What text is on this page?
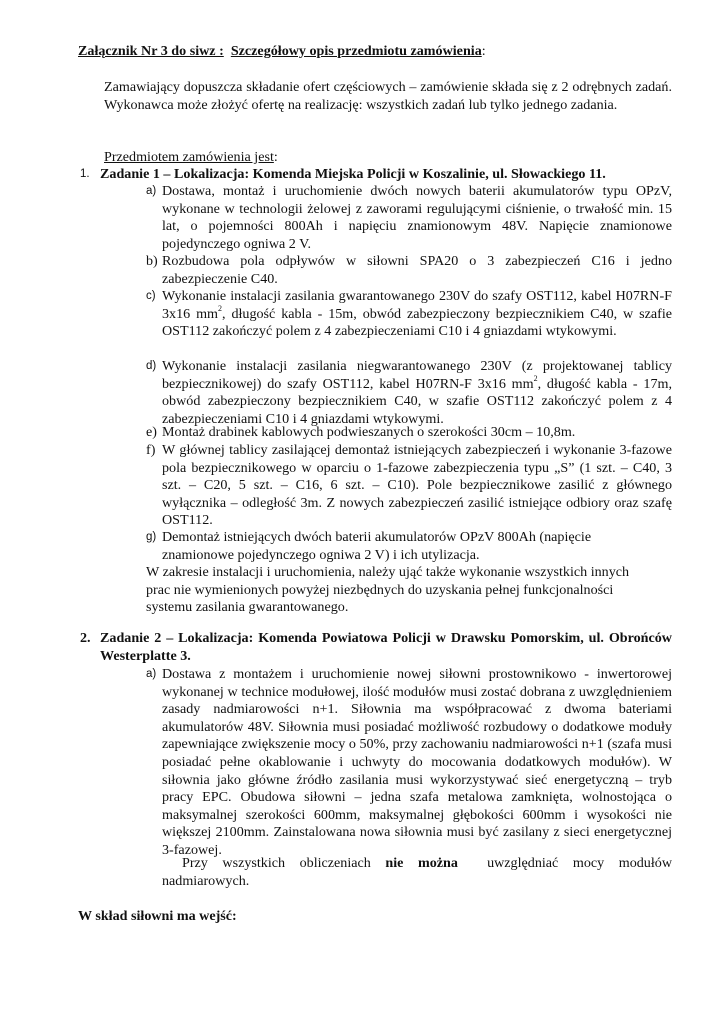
Załącznik Nr 3 do siwz : Szczegółowy opis przedmiotu zamówienia:

Zamawiający dopuszcza składanie ofert częściowych – zamówienie składa się z 2 odrębnych zadań. Wykonawca może złożyć ofertę na realizację: wszystkich zadań lub tylko jednego zadania.

Przedmiotem zamówienia jest:
1. Zadanie 1 – Lokalizacja: Komenda Miejska Policji w Koszalinie, ul. Słowackiego 11.
a) Dostawa, montaż i uruchomienie dwóch nowych baterii akumulatorów typu OPzV, wykonane w technologii żelowej z zaworami regulującymi ciśnienie, o trwałość min. 15 lat, o pojemności 800Ah i napięciu znamionowym 48V. Napięcie znamionowe pojedynczego ogniwa 2 V.

b) Rozbudowa pola odpływów w siłowni SPA20 o 3 zabezpieczeń C16 i jedno zabezpieczenie C40.

c) Wykonanie instalacji zasilania gwarantowanego 230V do szafy OST112, kabel H07RN-F 3x16 $mm^2$, długość kabla - 15m, obwód zabezpieczony bezpiecznikiem C40, w szafie OST112 zakończyć polem z 4 zabezpieczeniami C10 i 4 gniazdami wtykowymi.

d) Wykonanie instalacji zasilania niegwarantowanego 230V (z projektowanej tablicy bezpiecznikowej) do szafy OST112, kabel H07RN-F 3x16 $mm^2$, długość kabla - 17m, obwód zabezpieczony bezpiecznikiem C40, w szafie OST112 zakończyć polem z 4 zabezpieczeniami C10 i 4 gniazdami wtykowymi.

e) Montaż drabinek kablowych podwieszanych o szerokości 30cm – 10,8m.

f) W głównej tablicy zasilającej demontaż istniejących zabezpieczeń i wykonanie 3-fazowe pola bezpiecznikowego w oparciu o 1-fazowe zabezpieczenia typu „S” (1 szt. – C40, 3 szt. – C20, 5 szt. – C16, 6 szt. – C10). Pole bezpiecznikowe zasilić z głównego wyłącznika – odległość 3m. Z nowych zabezpieczeń zasilić istniejące odbiory oraz szafę OST112.

g) Demontaż istniejących dwóch baterii akumulatorów OPzV 800Ah (napięcie znamionowe pojedynczego ogniwa 2 V) i ich utylizacja.

W zakresie instalacji i uruchomienia, należy ująć także wykonanie wszystkich innych prac nie wymienionych powyżej niezbędnych do uzyskania pełnej funkcjonalności systemu zasilania gwarantowanego.

2. Zadanie 2 – Lokalizacja: Komenda Powiatowa Policji w Drawsku Pomorskim, ul. Obrońców Westerplatte 3.

a) Dostawa z montażem i uruchomienie nowej siłowni prostownikowo - inwertorowej wykonanej w technice modułowej, ilość modułów musi zostać dobrana z uwzględnieniem zasady nadmiarowości n+1. Siłownia ma współpracować z dwoma bateriami akumulatorów 48V. Siłownia musi posiadać możliwość rozbudowy o dodatkowe moduły zapewniające zwiększenie mocy o 50%, przy zachowaniu nadmiarowości n+1 (szafa musi posiadać pełne okablowanie i uchwyty do mocowania dodatkowych modułów). W siłownia jako główne źródło zasilania musi wykorzystywać sieć energetyczną – tryb pracy EPC. Obudowa siłowni – jedna szafa metalowa zamknięta, wolnostojąca o maksymalnej szerokości 600mm, maksymalnej głębokości 600mm i wysokości nie większej 2100mm. Zainstalowana nowa siłownia musi być zasilany z sieci energetycznej 3-fazowej.

Przy wszystkich obliczeniach nie można uwzględniać mocy modułów nadmiarowych.
W skład siłowni ma wejść:
